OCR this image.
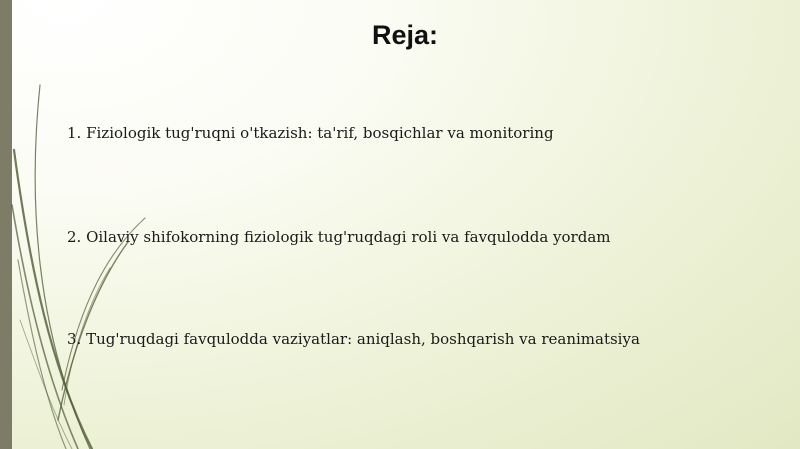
Reja:

1. Fiziologik tug'ruqni o'tkazish: ta'rif, bosqichlar va monitoring

2. Oilaviy shifokorning fiziologik tug'ruqdagi roli va favqulodda yordam

3. Tug'ruqdagi favqulodda vaziyatlar: aniqlash, boshqarish va reanimatsiya
